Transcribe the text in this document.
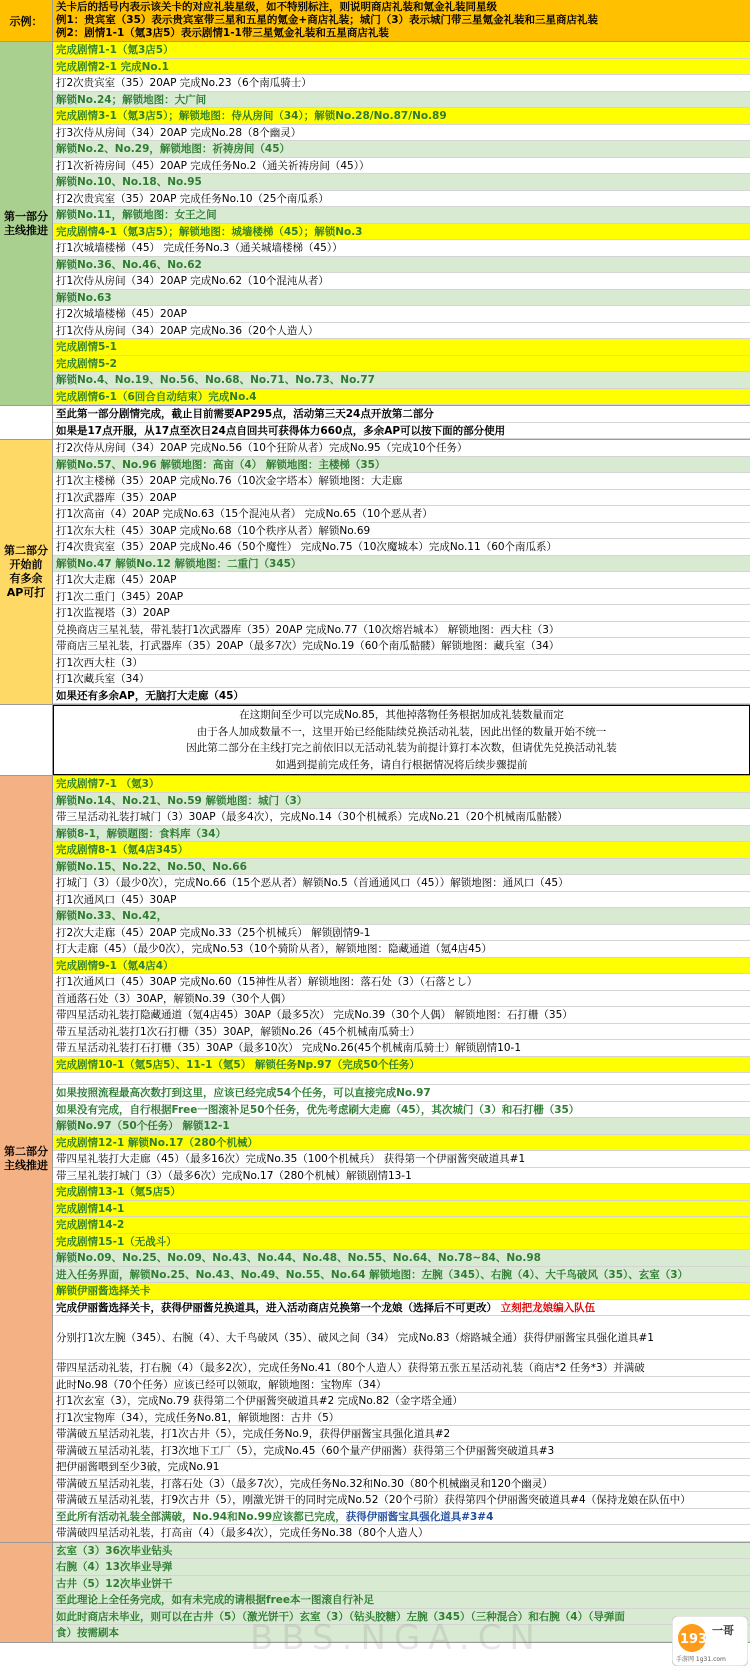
示例：
关卡后的括号内表示该关卡的对应礼装星级，如不特别标注，则说明商店礼装和氪金礼装同星级
例1：贵宾室（35）表示贵宾室带三星和五星的氪金+商店礼装；城门（3）表示城门带三星氪金礼装和三星商店礼装
例2：剧情1-1（氪3店5）表示剧情1-1带三星氪金礼装和五星商店礼装
第一部分
主线推进
完成剧情1-1（氪3店5）
完成剧情2-1 完成No.1
打2次贵宾室（35）20AP 完成No.23（6个南瓜骑士）
解锁No.24；解锁地图：大广间
完成剧情3-1（氪3店5）；解锁地图：侍从房间（34）；解锁No.28/No.87/No.89
打3次侍从房间（34）20AP 完成No.28（8个幽灵）
解锁No.2、No.29，解锁地图：祈祷房间（45）
打1次祈祷房间（45）20AP 完成任务No.2（通关祈祷房间（45））
解锁No.10、No.18、No.95
打2次贵宾室（35）20AP 完成任务No.10（25个南瓜系）
解锁No.11，解锁地图：女王之间
完成剧情4-1（氪3店5）；解锁地图：城墙楼梯（45）；解锁No.3
打1次城墙楼梯（45） 完成任务No.3（通关城墙楼梯（45））
解锁No.36、No.46、No.62
打1次侍从房间（34）20AP 完成No.62（10个混沌从者）
解锁No.63
打2次城墙楼梯（45）20AP
打1次侍从房间（34）20AP 完成No.36（20个人造人）
完成剧情5-1
完成剧情5-2
解锁No.4、No.19、No.56、No.68、No.71、No.73、No.77
完成剧情6-1（6回合自动结束）完成No.4
至此第一部分剧情完成，截止目前需要AP295点，活动第三天24点开放第二部分
如果是17点开服，从17点至次日24点自回共可获得体力660点，多余AP可以按下面的部分使用
第二部分
开始前
有多余
AP可打
打2次侍从房间（34）20AP 完成No.56（10个狂阶从者）完成No.95（完成10个任务）
解锁No.57、No.96 解锁地图：高亩（4） 解锁地图：主楼梯（35）
打1次主楼梯（35）20AP 完成No.76（10次金字塔本）解锁地图：大走廊
打1次武器库（35）20AP
打1次高亩（4）20AP 完成No.63（15个混沌从者） 完成No.65（10个恶从者）
打1次东大柱（45）30AP 完成No.68（10个秩序从者）解锁No.69
打4次贵宾室（35）20AP 完成No.46（50个魔性） 完成No.75（10次魔城本）完成No.11（60个南瓜系）
解锁No.47 解锁No.12 解锁地图：二重门（345）
打1次大走廊（45）20AP
打1次二重门（345）20AP
打1次监视塔（3）20AP
兑换商店三星礼装，带礼装打1次武器库（35）20AP 完成No.77（10次熔岩城本） 解锁地图：西大柱（3）
带商店三星礼装，打武器库（35）20AP（最多7次）完成No.19（60个南瓜骷髅）解锁地图：藏兵室（34）
打1次西大柱（3）
打1次藏兵室（34）
如果还有多余AP，无脑打大走廊（45）
在这期间至少可以完成No.85，其他掉落物任务根据加成礼装数量而定
由于各人加成数量不一，这里开始已经能陆续兑换活动礼装，因此出怪的数量开始不统一
因此第二部分在主线打完之前依旧以无活动礼装为前提计算打本次数，但请优先兑换活动礼装
如遇到提前完成任务，请自行根据情况将后续步骤提前
第二部分
主线推进
完成剧情7-1 （氪3）
解锁No.14、No.21、No.59 解锁地图：城门（3）
带三星活动礼装打城门（3）30AP（最多4次），完成No.14（30个机械系）完成No.21（20个机械南瓜骷髅）
解锁8-1，解锁题图：食料库（34）
完成剧情8-1（氪4店345）
解锁No.15、No.22、No.50、No.66
打城门（3）（最少0次），完成No.66（15个恶从者）解锁No.5（首通通风口（45））解锁地图：通风口（45）
打1次通风口（45）30AP
解锁No.33、No.42，
打2次大走廊（45）20AP 完成No.33（25个机械兵） 解锁剧情9-1
打大走廊（45）（最少0次），完成No.53（10个骑阶从者），解锁地图：隐藏通道（氪4店45）
完成剧情9-1（氪4店4）
打1次通风口（45）30AP 完成No.60（15神性从者）解锁地图：落石处（3）（石落とし）
首通落石处（3）30AP，解锁No.39（30个人偶）
带四星活动礼装打隐藏通道（氪4店45）30AP（最多5次） 完成No.39（30个人偶） 解锁地图：石打栅（35）
带五星活动礼装打1次石打栅（35）30AP，解锁No.26（45个机械南瓜骑士）
带五星活动礼装打石打栅（35）30AP（最多10次） 完成No.26(45个机械南瓜骑士）解锁剧情10-1
完成剧情10-1（氪5店5）、11-1（氪5） 解锁任务Np.97（完成50个任务）
如果按照流程最高次数打到这里，应该已经完成54个任务，可以直接完成No.97
如果没有完成，自行根据Free一图滚补足50个任务，优先考虑刷大走廊（45），其次城门（3）和石打栅（35）
解锁No.97（50个任务） 解锁12-1
完成剧情12-1 解锁No.17（280个机械）
带四星礼装打大走廊（45）（最多16次）完成No.35（100个机械兵） 获得第一个伊丽酱突破道具#1
带三星礼装打城门（3）（最多6次）完成No.17（280个机械）解锁剧情13-1
完成剧情13-1（氪5店5）
完成剧情14-1
完成剧情14-2
完成剧情15-1（无战斗）
解锁No.09、No.25、No.09、No.43、No.44、No.48、No.55、No.64、No.78~84、No.98
进入任务界面，解锁No.25、No.43、No.49、No.55、No.64 解锁地图：左腕（345）、右腕（4）、大千鸟破风（35）、玄室（3）
解锁伊丽酱选择关卡
完成伊丽酱选择关卡，获得伊丽酱兑换道具，进入活动商店兑换第一个龙娘（选择后不可更改） 立刻把龙娘编入队伍
分别打1次左腕（345）、右腕（4）、大千鸟破风（35）、破风之间（34） 完成No.83（熔路城全通）获得伊丽酱宝具强化道具#1
带四星活动礼装，打右腕（4）（最多2次），完成任务No.41（80个人造人）获得第五张五星活动礼装（商店*2 任务*3）并满破
此时No.98（70个任务）应该已经可以领取，解锁地图：宝物库（34）
打1次玄室（3），完成No.79 获得第二个伊丽酱突破道具#2 完成No.82（金字塔全通）
打1次宝物库（34），完成任务No.81，解锁地图：古井（5）
带满破五星活动礼装，打1次古井（5），完成任务No.9，获得伊丽酱宝具强化道具#2
带满破五星活动礼装，打3次地下工厂（5），完成No.45（60个量产伊丽酱）获得第三个伊丽酱突破道具#3
把伊丽酱喂到至少3破，完成No.91
带满破五星活动礼装，打落石处（3）（最多7次），完成任务No.32和No.30（80个机械幽灵和120个幽灵）
带满破五星活动礼装，打9次古井（5），刚激光饼干的同时完成No.52（20个弓阶）获得第四个伊丽酱突破道具#4（保持龙娘在队伍中）
至此所有活动礼装全部满破，No.94和No.99应该都已完成，获得伊丽酱宝具强化道具#3#4
带满破四星活动礼装，打高亩（4）（最多4次），完成任务No.38（80个人造人）
玄室（3）36次毕业钻头
右腕（4）13次毕业导弹
古井（5）12次毕业饼干
至此理论上全任务完成，如有未完成的请根据free本一图滚自行补足
如此时商店未毕业，则可以在古井（5）（激光饼干）玄室（3）（钻头胶糖）左腕（345）（三种混合）和右腕（4）（导弹面
食）按需刷本	BBS.NGA.CN	1937
一哥
手游网 1g31.com
